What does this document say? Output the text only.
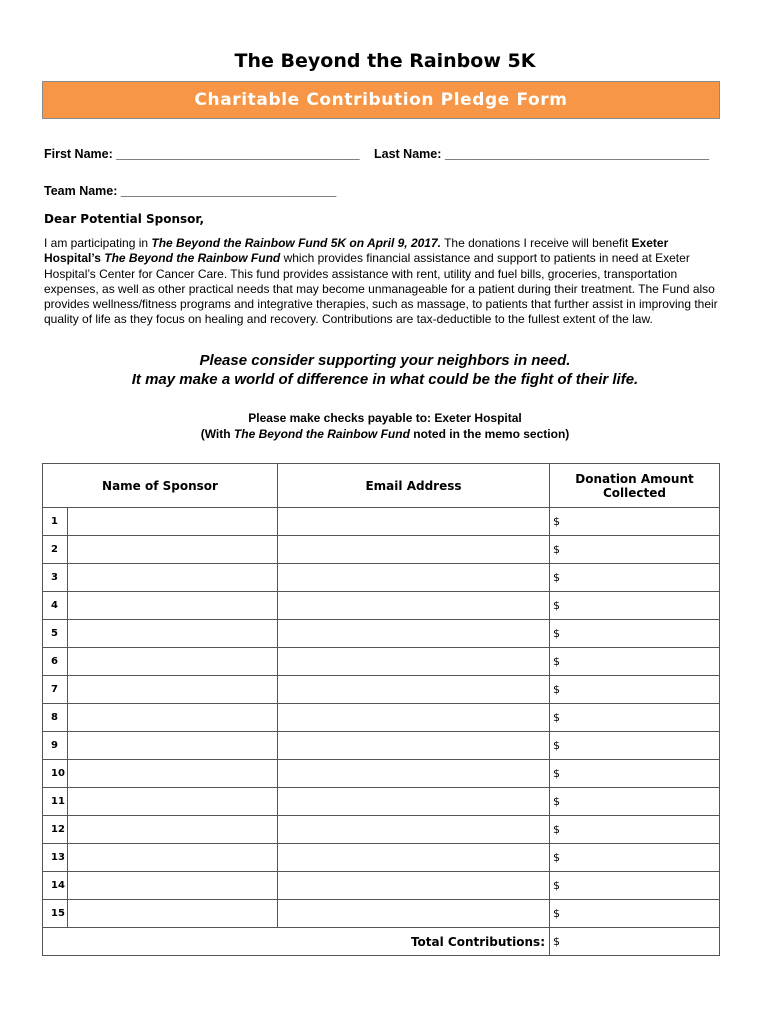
The Beyond the Rainbow 5K
Charitable Contribution Pledge Form
First Name: ___________________________________ Last Name: ______________________________________
Team Name: _______________________________
Dear Potential Sponsor,
I am participating in The Beyond the Rainbow Fund 5K on April 9, 2017. The donations I receive will benefit Exeter Hospital’s The Beyond the Rainbow Fund which provides financial assistance and support to patients in need at Exeter Hospital’s Center for Cancer Care. This fund provides assistance with rent, utility and fuel bills, groceries, transportation expenses, as well as other practical needs that may become unmanageable for a patient during their treatment. The Fund also provides wellness/fitness programs and integrative therapies, such as massage, to patients that further assist in improving their quality of life as they focus on healing and recovery. Contributions are tax-deductible to the fullest extent of the law.
Please consider supporting your neighbors in need.
It may make a world of difference in what could be the fight of their life.
Please make checks payable to: Exeter Hospital
(With The Beyond the Rainbow Fund noted in the memo section)
Name of Sponsor		Email Address	Donation Amount Collected
1			$
2			$
3			$
4			$
5			$
6			$
7			$
8			$
9			$
10			$
11			$
12			$
13			$
14			$
15			$
Total Contributions:			$
